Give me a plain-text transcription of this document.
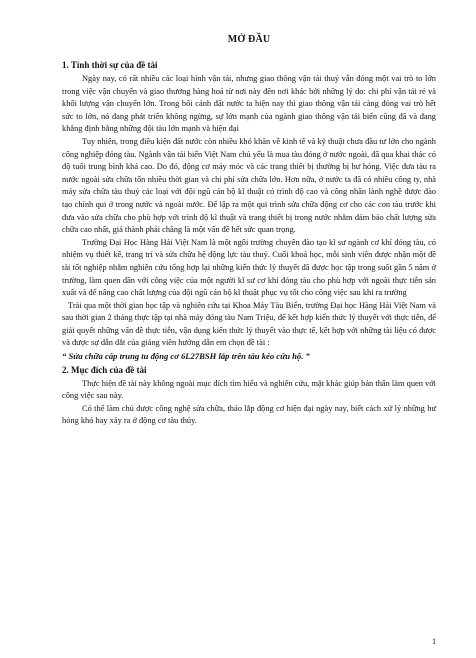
MỞ ĐẦU
1. Tính thời sự của đề tài

Ngày nay, có rất nhiều các loại hình vận tải, nhưng giao thông vận tải thuỷ vẫn đóng một vai trò to lớn trong việc vận chuyển và giao thương hàng hoá từ nơi này đến nơi khác bởi những lý do: chi phí vận tải rẻ và khối lượng vận chuyển lớn. Trong bối cảnh đất nước ta hiện nay thì giao thông vận tải càng đóng vai trò hết sức to lớn, nó đang phát triển không ngừng, sự lớn mạnh của ngành giao thông vận tải biển cũng đã và đang khẳng định bằng những đội tàu lớn mạnh và hiện đại

Tuy nhiên, trong điều kiện đất nước còn nhiều khó khăn về kinh tế và kỹ thuật chưa đầu tư lớn cho ngành công nghiệp đóng tàu. Ngành vận tải biển Việt Nam chủ yếu là mua tàu đóng ở nước ngoài, đã qua khai thác có độ tuổi trung bình khá cao. Do đó, động cơ máy móc và các trang thiết bị thường bị hư hỏng. Việc đưa tàu ra nước ngoài sửa chữa tốn nhiều thời gian và chi phí sửa chữa lớn. Hơn nữa, ở nước ta đã có nhiều công ty, nhà máy sửa chữa tàu thuỷ các loại với đội ngũ cán bộ kĩ thuật có trình độ cao và công nhân lành nghề được đào tạo chính qui ở trong nước và ngoài nước. Để lập ra một qui trình sửa chữa động cơ cho các con tàu trước khi đưa vào sửa chữa cho phù hợp với trình độ kĩ thuật và trang thiết bị trong nước nhằm đảm bảo chất lượng sửa chữa cao nhất, giá thành phải chăng là một vấn đề hết sức quan trọng.

Trường Đại Học Hàng Hải Việt Nam là một ngôi trường chuyên đào tạo kĩ sư ngành cơ khí đóng tàu, có nhiệm vụ thiết kế, trang trí và sửa chữa hệ động lực tàu thuỷ. Cuối khoá học, mỗi sinh viên được nhận một đề tài tốt nghiệp nhằm nghiên cứu tổng hợp lại những kiến thức lý thuyết đã được học tập trong suốt gần 5 năm ở trường, làm quen dần với công việc của một người kĩ sư cơ khí đóng tàu cho phù hợp với ngoài thực tiễn sản xuất và để nâng cao chất lượng của đội ngũ cán bộ kĩ thuật phục vụ tốt cho công việc sau khi ra trường

Trải qua một thời gian học tập và nghiên cứu tại Khoa Máy Tàu Biển, trường Đại học Hàng Hải Việt Nam và sau thời gian 2 tháng thực tập tại nhà máy đóng tàu Nam Triệu, để kết hợp kiến thức lý thuyết với thực tiễn, để giải quyết những vấn đề thực tiễn, vận dụng kiến thức lý thuyết vào thực tế, kết hợp với những tài liệu có được và được sự dẫn dắt của giảng viên hướng dẫn em chọn đề tài :

“ Sửa chữa cấp trung tu động cơ 6L27BSH lắp trên tàu kéo cứu hộ. ”
2. Mục đích của đề tài

Thực hiện đề tài này không ngoài mục đích tìm hiểu và nghiên cứu, mặt khác giúp bản thân làm quen với công việc sau này.

Có thể làm chủ được công nghệ sửa chữa, tháo lắp động cơ hiện đại ngày nay, biết cách xử lý những hư hỏng khó hay xảy ra ở động cơ tàu thủy.

1
